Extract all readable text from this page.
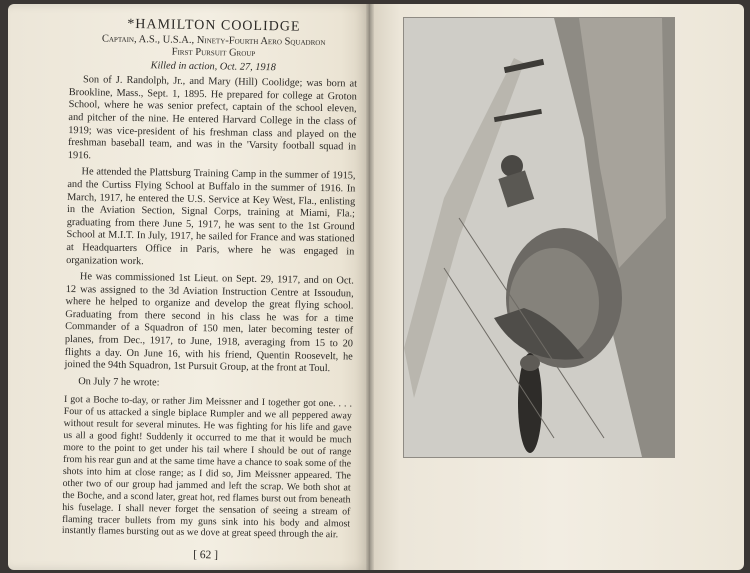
*HAMILTON COOLIDGE
Captain, A.S., U.S.A., Ninety-Fourth Aero Squadron
First Pursuit Group
Killed in action, Oct. 27, 1918

Son of J. Randolph, Jr., and Mary (Hill) Coolidge; was born at Brookline, Mass., Sept. 1, 1895. He prepared for college at Groton School, where he was senior prefect, captain of the school eleven, and pitcher of the nine. He entered Harvard College in the class of 1919; was vice-president of his freshman class and played on the freshman baseball team, and was in the 'Varsity football squad in 1916.

He attended the Plattsburg Training Camp in the summer of 1915, and the Curtiss Flying School at Buffalo in the summer of 1916. In March, 1917, he entered the U.S. Service at Key West, Fla., enlisting in the Aviation Section, Signal Corps, training at Miami, Fla.; graduating from there June 5, 1917, he was sent to the 1st Ground School at M.I.T. In July, 1917, he sailed for France and was stationed at Headquarters Office in Paris, where he was engaged in organization work.

He was commissioned 1st Lieut. on Sept. 29, 1917, and on Oct. 12 was assigned to the 3d Aviation Instruction Centre at Issoudun, where he helped to organize and develop the great flying school. Graduating from there second in his class he was for a time Commander of a Squadron of 150 men, later becoming tester of planes, from Dec., 1917, to June, 1918, averaging from 15 to 20 flights a day. On June 16, with his friend, Quentin Roosevelt, he joined the 94th Squadron, 1st Pursuit Group, at the front at Toul.

On July 7 he wrote:

I got a Boche to-day, or rather Jim Meissner and I together got one. . . . Four of us attacked a single biplace Rumpler and we all peppered away without result for several minutes. He was fighting for his life and gave us all a good fight! Suddenly it occurred to me that it would be much more to the point to get under his tail where I should be out of range from his rear gun and at the same time have a chance to soak some of the shots into him at close range; as I did so, Jim Meissner appeared. The other two of our group had jammed and left the scrap. We both shot at the Boche, and a scond later, great hot, red flames burst out from beneath his fuselage. I shall never forget the sensation of seeing a stream of flaming tracer bullets from my guns sink into his body and almost instantly flames bursting out as we dove at great speed through the air.

[ 62 ]
